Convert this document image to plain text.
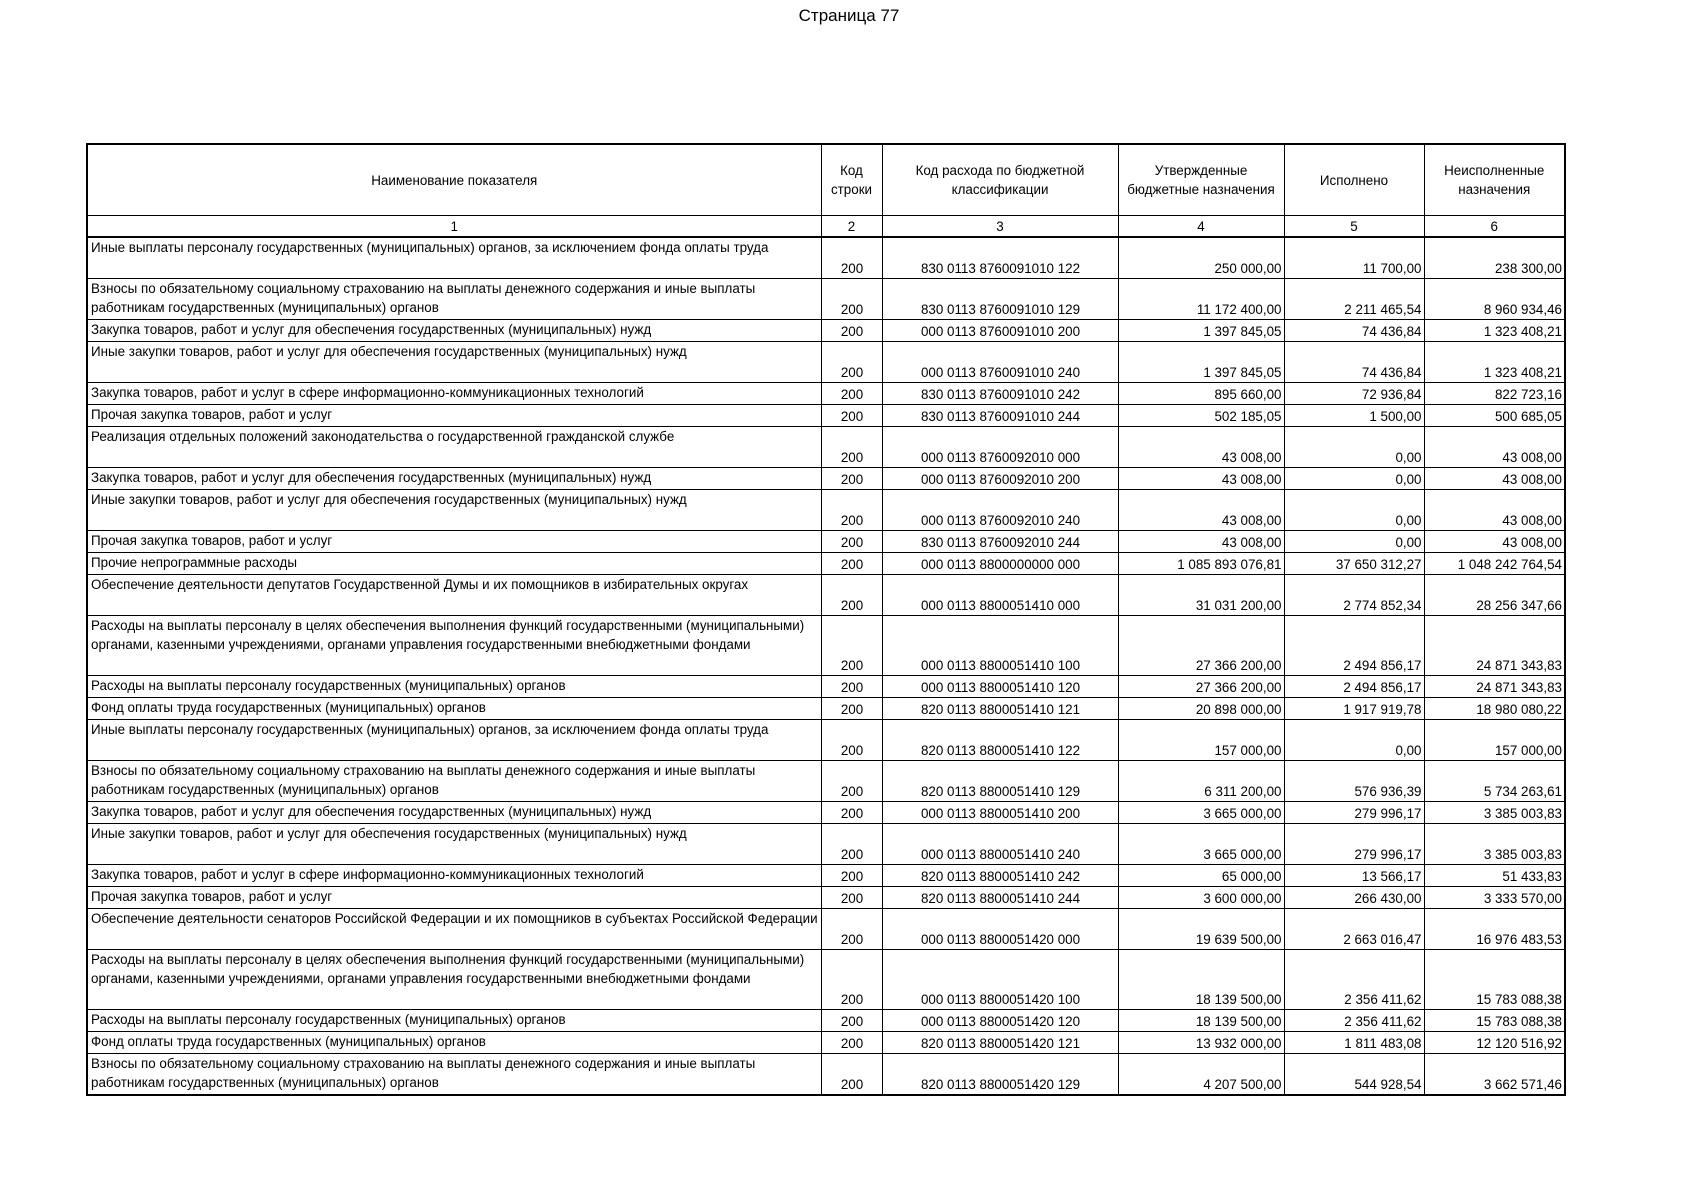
Страница 77
Наименование показателя	Код строки	Код расхода по бюджетной классификации	Утвержденные бюджетные назначения	Исполнено	Неисполненные назначения
1	2	3	4	5	6
Иные выплаты персоналу государственных (муниципальных) органов, за исключением фонда оплаты труда	200	830 0113 8760091010 122	250 000,00	11 700,00	238 300,00
Взносы по обязательному социальному страхованию на выплаты денежного содержания и иные выплаты работникам государственных (муниципальных) органов	200	830 0113 8760091010 129	11 172 400,00	2 211 465,54	8 960 934,46
Закупка товаров, работ и услуг для обеспечения государственных (муниципальных) нужд	200	000 0113 8760091010 200	1 397 845,05	74 436,84	1 323 408,21
Иные закупки товаров, работ и услуг для обеспечения государственных (муниципальных) нужд	200	000 0113 8760091010 240	1 397 845,05	74 436,84	1 323 408,21
Закупка товаров, работ и услуг в сфере информационно-коммуникационных технологий	200	830 0113 8760091010 242	895 660,00	72 936,84	822 723,16
Прочая закупка товаров, работ и услуг	200	830 0113 8760091010 244	502 185,05	1 500,00	500 685,05
Реализация отдельных положений законодательства о государственной гражданской службе	200	000 0113 8760092010 000	43 008,00	0,00	43 008,00
Закупка товаров, работ и услуг для обеспечения государственных (муниципальных) нужд	200	000 0113 8760092010 200	43 008,00	0,00	43 008,00
Иные закупки товаров, работ и услуг для обеспечения государственных (муниципальных) нужд	200	000 0113 8760092010 240	43 008,00	0,00	43 008,00
Прочая закупка товаров, работ и услуг	200	830 0113 8760092010 244	43 008,00	0,00	43 008,00
Прочие непрограммные расходы	200	000 0113 8800000000 000	1 085 893 076,81	37 650 312,27	1 048 242 764,54
Обеспечение деятельности депутатов Государственной Думы и их помощников в избирательных округах	200	000 0113 8800051410 000	31 031 200,00	2 774 852,34	28 256 347,66
Расходы на выплаты персоналу в целях обеспечения выполнения функций государственными (муниципальными) органами, казенными учреждениями, органами управления государственными внебюджетными фондами	200	000 0113 8800051410 100	27 366 200,00	2 494 856,17	24 871 343,83
Расходы на выплаты персоналу государственных (муниципальных) органов	200	000 0113 8800051410 120	27 366 200,00	2 494 856,17	24 871 343,83
Фонд оплаты труда государственных (муниципальных) органов	200	820 0113 8800051410 121	20 898 000,00	1 917 919,78	18 980 080,22
Иные выплаты персоналу государственных (муниципальных) органов, за исключением фонда оплаты труда	200	820 0113 8800051410 122	157 000,00	0,00	157 000,00
Взносы по обязательному социальному страхованию на выплаты денежного содержания и иные выплаты работникам государственных (муниципальных) органов	200	820 0113 8800051410 129	6 311 200,00	576 936,39	5 734 263,61
Закупка товаров, работ и услуг для обеспечения государственных (муниципальных) нужд	200	000 0113 8800051410 200	3 665 000,00	279 996,17	3 385 003,83
Иные закупки товаров, работ и услуг для обеспечения государственных (муниципальных) нужд	200	000 0113 8800051410 240	3 665 000,00	279 996,17	3 385 003,83
Закупка товаров, работ и услуг в сфере информационно-коммуникационных технологий	200	820 0113 8800051410 242	65 000,00	13 566,17	51 433,83
Прочая закупка товаров, работ и услуг	200	820 0113 8800051410 244	3 600 000,00	266 430,00	3 333 570,00
Обеспечение деятельности сенаторов Российской Федерации и их помощников в субъектах Российской Федерации	200	000 0113 8800051420 000	19 639 500,00	2 663 016,47	16 976 483,53
Расходы на выплаты персоналу в целях обеспечения выполнения функций государственными (муниципальными) органами, казенными учреждениями, органами управления государственными внебюджетными фондами	200	000 0113 8800051420 100	18 139 500,00	2 356 411,62	15 783 088,38
Расходы на выплаты персоналу государственных (муниципальных) органов	200	000 0113 8800051420 120	18 139 500,00	2 356 411,62	15 783 088,38
Фонд оплаты труда государственных (муниципальных) органов	200	820 0113 8800051420 121	13 932 000,00	1 811 483,08	12 120 516,92
Взносы по обязательному социальному страхованию на выплаты денежного содержания и иные выплаты работникам государственных (муниципальных) органов	200	820 0113 8800051420 129	4 207 500,00	544 928,54	3 662 571,46
